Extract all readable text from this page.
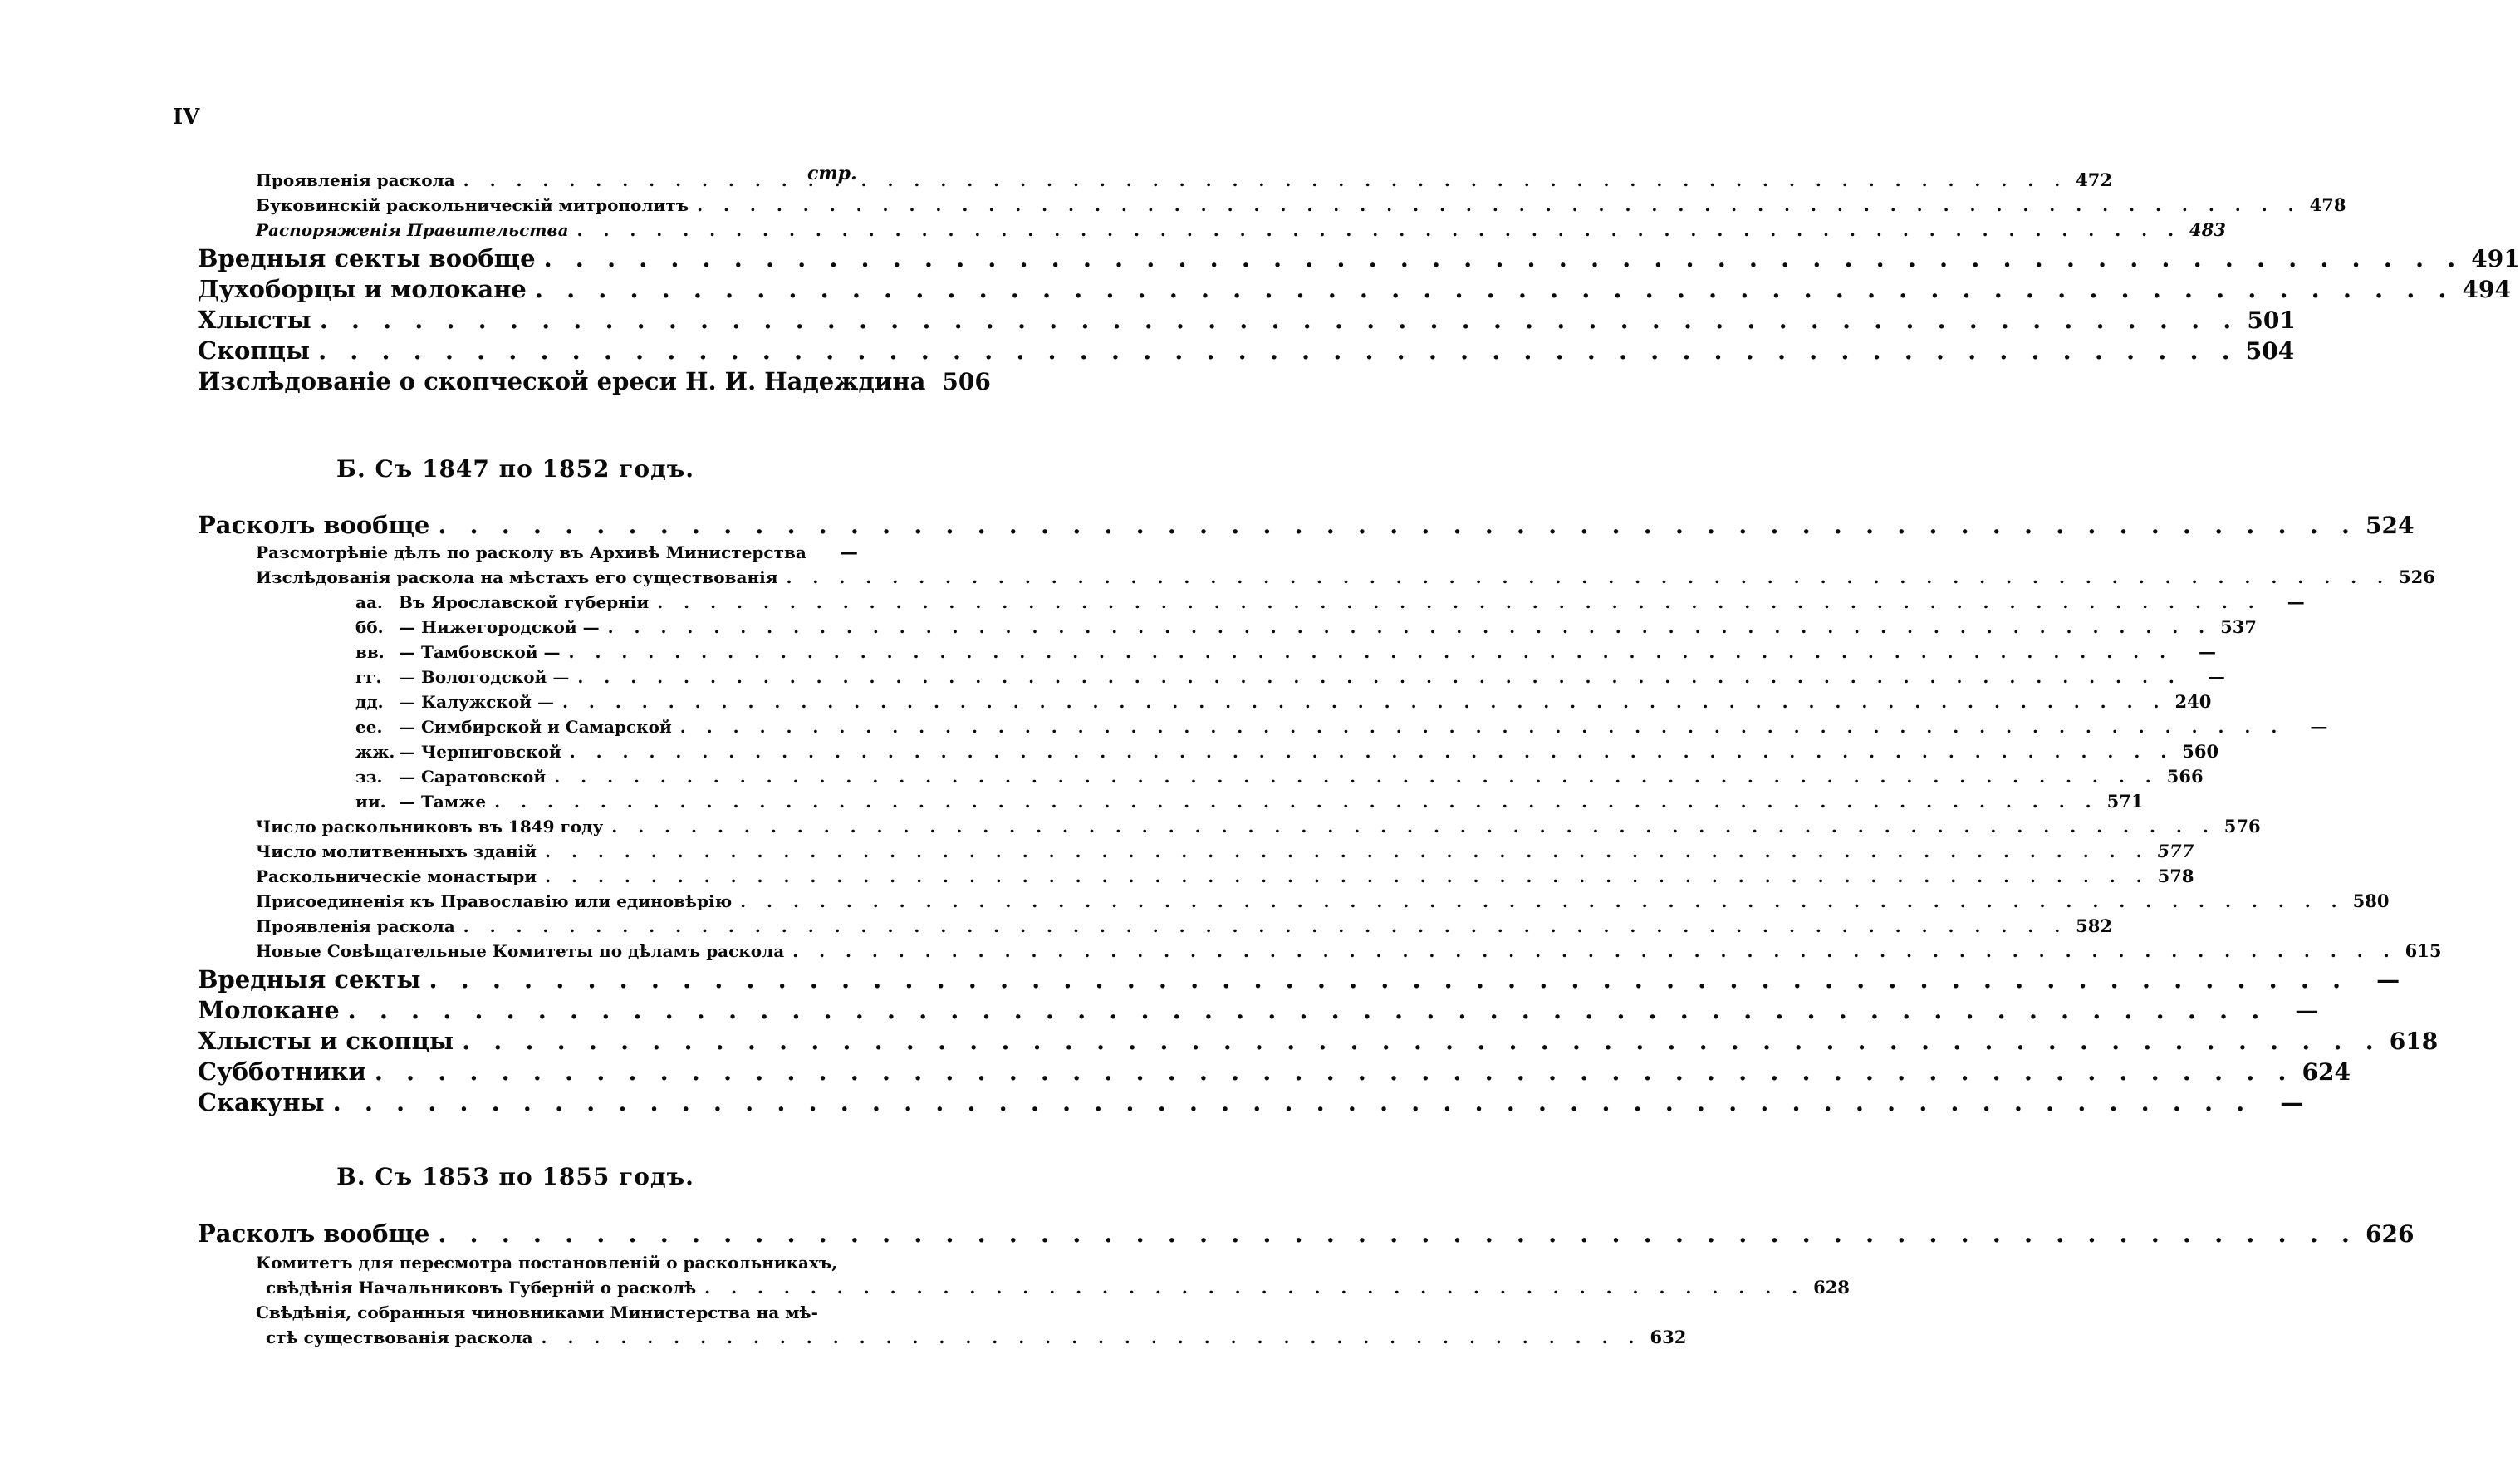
IV
стр.
Проявленія раскола . . .	472
Буковинскій раскольническій митрополитъ . . .	478
Распоряженія Правительства . . .	483
Вредныя секты вообще . . .	491
Духоборцы и молокане . . .	494
Хлысты . . .	501
Скопцы . . .	504
Изслѣдованіе о скопческой ереси Н. И. Надеждина 506
Б. Съ 1847 по 1852 годъ.
Расколъ вообще . . .	524
Разсмотрѣніе дѣлъ по расколу въ Архивѣ Министерства	—
Изслѣдованія раскола на мѣстахъ его существованія . . .	526
аа. Въ Ярославской губерніи . . .	—
бб. — Нижегородской — . . .	537
вв. — Тамбовской — . . .	—
гг.	— Вологодской — . . .	—
дд. — Калужской — . . .	240
ее. — Симбирской и Самарской . . .	—
жж. — Черниговской . . .	560
зз. — Саратовской . . .	566
ии. — Тамже . . .	571
Число раскольниковъ въ 1849 году . . .	576
Число молитвенныхъ зданій . . .	577
Раскольническіе монастыри . . .	578
Присоединенія къ Православію или единовѣрію . . .	580
Проявленія раскола . . .	582
Новые Совѣщательные Комитеты по дѣламъ раскола . . .	615
Вредныя секты . . .	—
Молокане . . .	—
Хлысты и скопцы . . .	618
Субботники . . .	624
Скакуны . . .	—
В. Съ 1853 по 1855 годъ.
Расколъ вообще . . .	626
Комитетъ для пересмотра постановленій о раскольникахъ,
свѣдѣнія Начальниковъ Губерній о расколѣ . . .	628
Свѣдѣнія, собранныя чиновниками Министерства на мѣ-
стѣ существованія раскола . . .	632
